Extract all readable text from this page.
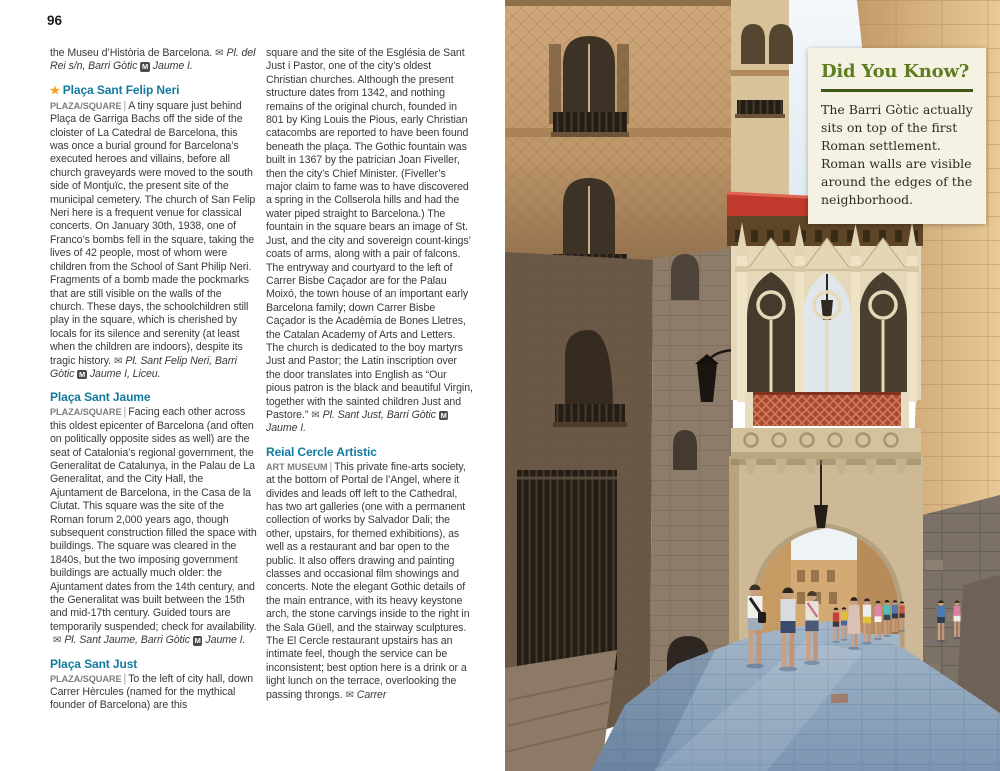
96

the Museu d’Història de Barcelona. ✉ Pl. del Rei s/n, Barri Gòtic M Jaume I.

★ Plaça Sant Felip Neri

PLAZA/SQUARE | A tiny square just behind Plaça de Garriga Bachs off the side of the cloister of La Catedral de Barcelona, this was once a burial ground for Barcelona’s executed heroes and villains, before all church graveyards were moved to the south side of Montjuïc, the present site of the municipal cemetery. The church of San Felip Neri here is a frequent venue for classical concerts. On January 30th, 1938, one of Franco’s bombs fell in the square, taking the lives of 42 people, most of whom were children from the School of Sant Philip Neri. Fragments of a bomb made the pockmarks that are still visible on the walls of the church. These days, the schoolchildren still play in the square, which is cherished by locals for its silence and serenity (at least when the children are indoors), despite its tragic history. ✉ Pl. Sant Felip Neri, Barri Gòtic M Jaume I, Liceu.

Plaça Sant Jaume

PLAZA/SQUARE | Facing each other across this oldest epicenter of Barcelona (and often on politically opposite sides as well) are the seat of Catalonia’s regional government, the Generalitat de Catalunya, in the Palau de La Generalitat, and the City Hall, the Ajuntament de Barcelona, in the Casa de la Ciutat. This square was the site of the Roman forum 2,000 years ago, though subsequent construction filled the space with buildings. The square was cleared in the 1840s, but the two imposing government buildings are actually much older: the Ajuntament dates from the 14th century, and the Generalitat was built between the 15th and mid-17th century. Guided tours are temporarily suspended; check for availability.✉ Pl. Sant Jaume, Barri Gòtic M Jaume I.

Plaça Sant Just

PLAZA/SQUARE | To the left of city hall, down Carrer Hèrcules (named for the mythical founder of Barcelona) are this

square and the site of the Església de Sant Just i Pastor, one of the city’s oldest Christian churches. Although the present structure dates from 1342, and nothing remains of the original church, founded in 801 by King Louis the Pious, early Christian catacombs are reported to have been found beneath the plaça. The Gothic fountain was built in 1367 by the patrician Joan Fiveller, then the city’s Chief Minister. (Fiveller’s major claim to fame was to have discovered a spring in the Collserola hills and had the water piped straight to Barcelona.) The fountain in the square bears an image of St. Just, and the city and sovereign count-kings’ coats of arms, along with a pair of falcons. The entryway and courtyard to the left of Carrer Bisbe Caçador are for the Palau Moixó, the town house of an important early Barcelona family; down Carrer Bisbe Caçador is the Acadèmia de Bones Lletres, the Catalan Academy of Arts and Letters. The church is dedicated to the boy martyrs Just and Pastor; the Latin inscription over the door translates into English as “Our pious patron is the black and beautiful Virgin, together with the sainted children Just and Pastore.” ✉ Pl. Sant Just, Barri Gòtic MJaume I.

Reial Cercle Artistic

ART MUSEUM | This private fine-arts society, at the bottom of Portal de l’Angel, where it divides and leads off left to the Cathedral, has two art galleries (one with a permanent collection of works by Salvador Dali; the other, upstairs, for themed exhibitions), as well as a restaurant and bar open to the public. It also offers drawing and painting classes and occasional film showings and concerts. Note the elegant Gothic details of the main entrance, with its heavy keystone arch, the stone carvings inside to the right in the Sala Güell, and the stairway sculptures. The El Cercle restaurant upstairs has an intimate feel, though the service can be inconsistent; best option here is a drink or a light lunch on the terrace, overlooking the passing throngs. ✉ Carrer

Did You Know?
The Barri Gòtic actually sits on top of the first Roman settlement. Roman walls are visible around the edges of the neighborhood.
